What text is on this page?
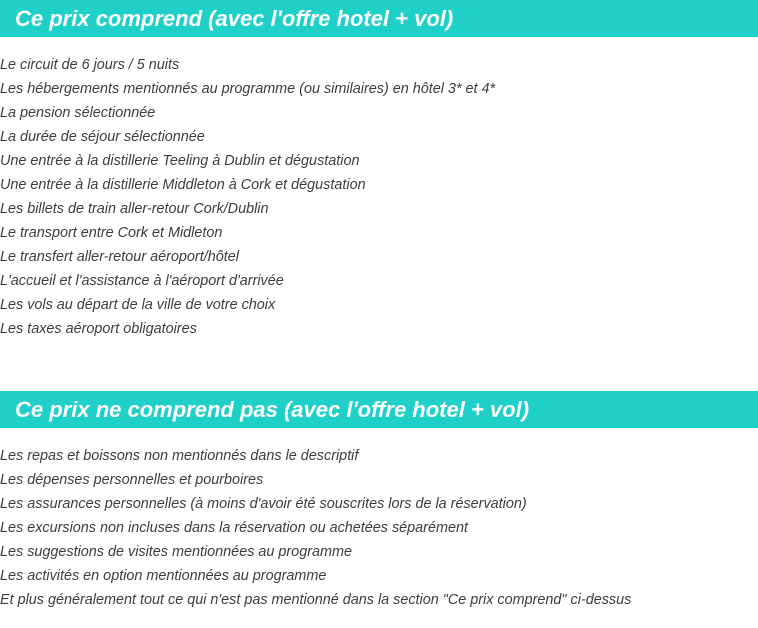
Ce prix comprend (avec l'offre hotel + vol)
Le circuit de 6 jours / 5 nuits
Les hébergements mentionnés au programme (ou similaires) en hôtel 3* et 4*
La pension sélectionnée
La durée de séjour sélectionnée
Une entrée à la distillerie Teeling à Dublin et dégustation
Une entrée à la distillerie Middleton à Cork et dégustation
Les billets de train aller-retour Cork/Dublin
Le transport entre Cork et Midleton
Le transfert aller-retour aéroport/hôtel
L'accueil et l'assistance à l'aéroport d'arrivée
Les vols au départ de la ville de votre choix
Les taxes aéroport obligatoires
Ce prix ne comprend pas (avec l'offre hotel + vol)
Les repas et boissons non mentionnés dans le descriptif
Les dépenses personnelles et pourboires
Les assurances personnelles (à moins d'avoir été souscrites lors de la réservation)
Les excursions non incluses dans la réservation ou achetées séparément
Les suggestions de visites mentionnées au programme
Les activités en option mentionnées au programme
Et plus généralement tout ce qui n'est pas mentionné dans la section "Ce prix comprend" ci-dessus
